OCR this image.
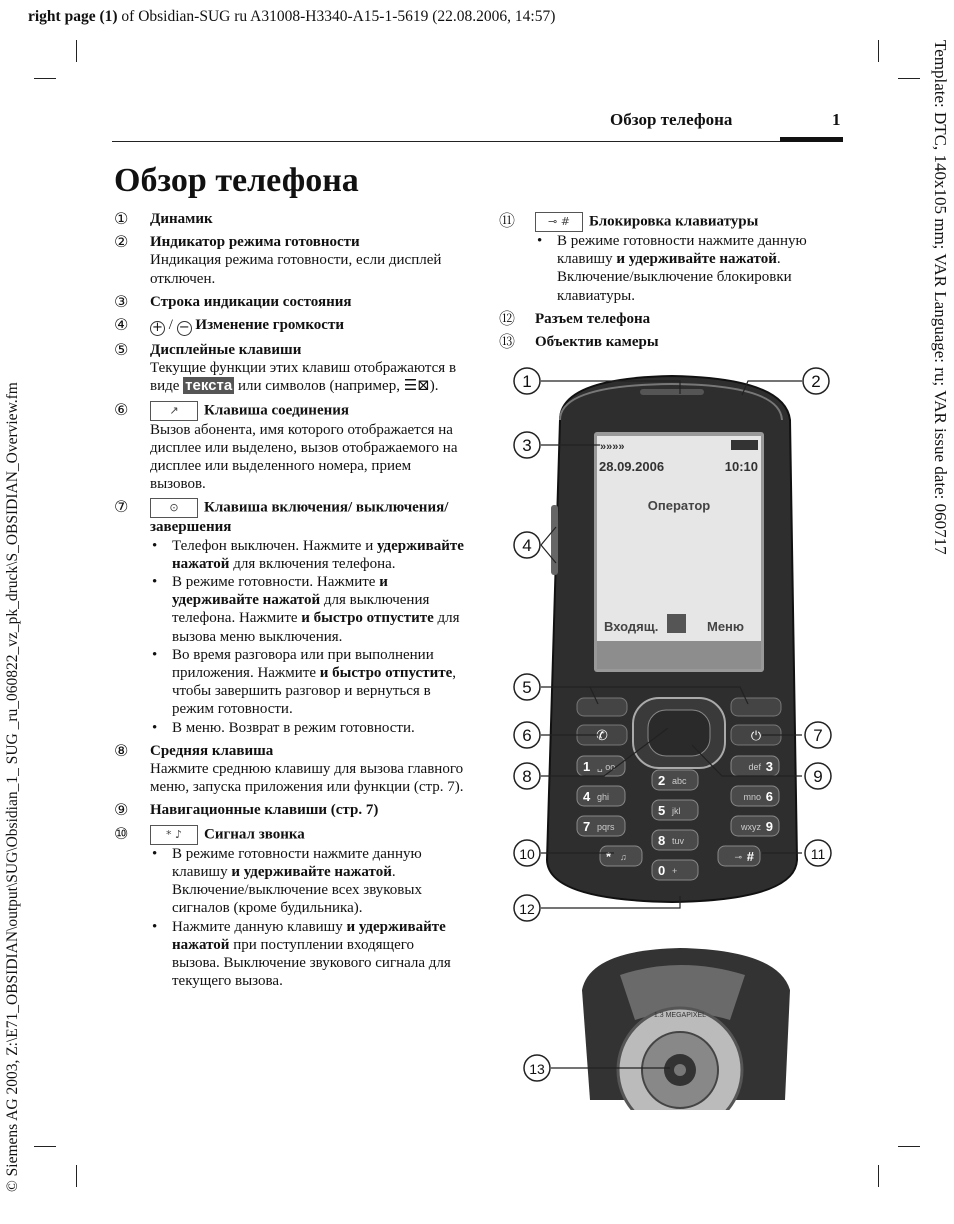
right page (1) of Obsidian-SUG ru A31008-H3340-A15-1-5619 (22.08.2006, 14:57)
© Siemens AG 2003, Z:\E71_OBSIDIAN\output\SUG\Obsidian_1_ SUG _ru_060822_vz_pk_druck\S_OBSIDIAN_Overview.fm
Template: DTC, 140x105 mm; VAR Language: ru; VAR issue date: 060717
Обзор телефона	1
Обзор телефона
①	Динамик
②	Индикатор режима готовности
Индикация режима готовности, если дисплей отключен.
③	Строка индикации состояния
④	+ / − Изменение громкости
⑤	Дисплейные клавиши
Текущие функции этих клавиш отображаются в виде текста или символов (например, ☰⊠).
⑥	↗ Клавиша соединения
Вызов абонента, имя которого отображается на дисплее или выделено, вызов отображаемого на дисплее или выделенного номера, прием вызовов.
⑦	⊙ Клавиша включения/ выключения/завершения
• Телефон выключен. Нажмите и удерживайте нажатой для включения телефона.
• В режиме готовности. Нажмите и удерживайте нажатой для выключения телефона. Нажмите и быстро отпустите для вызова меню выключения.
• Во время разговора или при выполнении приложения. Нажмите и быстро отпустите, чтобы завершить разговор и вернуться в режим готовности.
• В меню. Возврат в режим готовности.
⑧	Средняя клавиша
Нажмите среднюю клавишу для вызова главного меню, запуска приложения или функции (стр. 7).
⑨	Навигационные клавиши (стр. 7)
⑩	* ♪ Сигнал звонка
• В режиме готовности нажмите данную клавишу и удерживайте нажатой. Включение/выключение всех звуковых сигналов (кроме будильника).
• Нажмите данную клавишу и удерживайте нажатой при поступлении входящего вызова. Выключение звукового сигнала для текущего вызова.
⑪	⊸ # Блокировка клавиатуры
• В режиме готовности нажмите данную клавишу и удерживайте нажатой. Включение/выключение блокировки клавиатуры.
⑫ Разъем телефона
⑬ Объектив камеры
»»»»
28.09.2006	10:10
Оператор
Входящ.	Меню
✆	⏻
1 ␣ oo
2 abc
3
def
4 ghi
5 jkl
6
mno
7 pqrs
8 tuv
9
wxyz
* ♫
0 +
#
⊸
1.3 MEGAPIXEL
1	2
3
4
5
6	7
8	9
10	11
12
13
